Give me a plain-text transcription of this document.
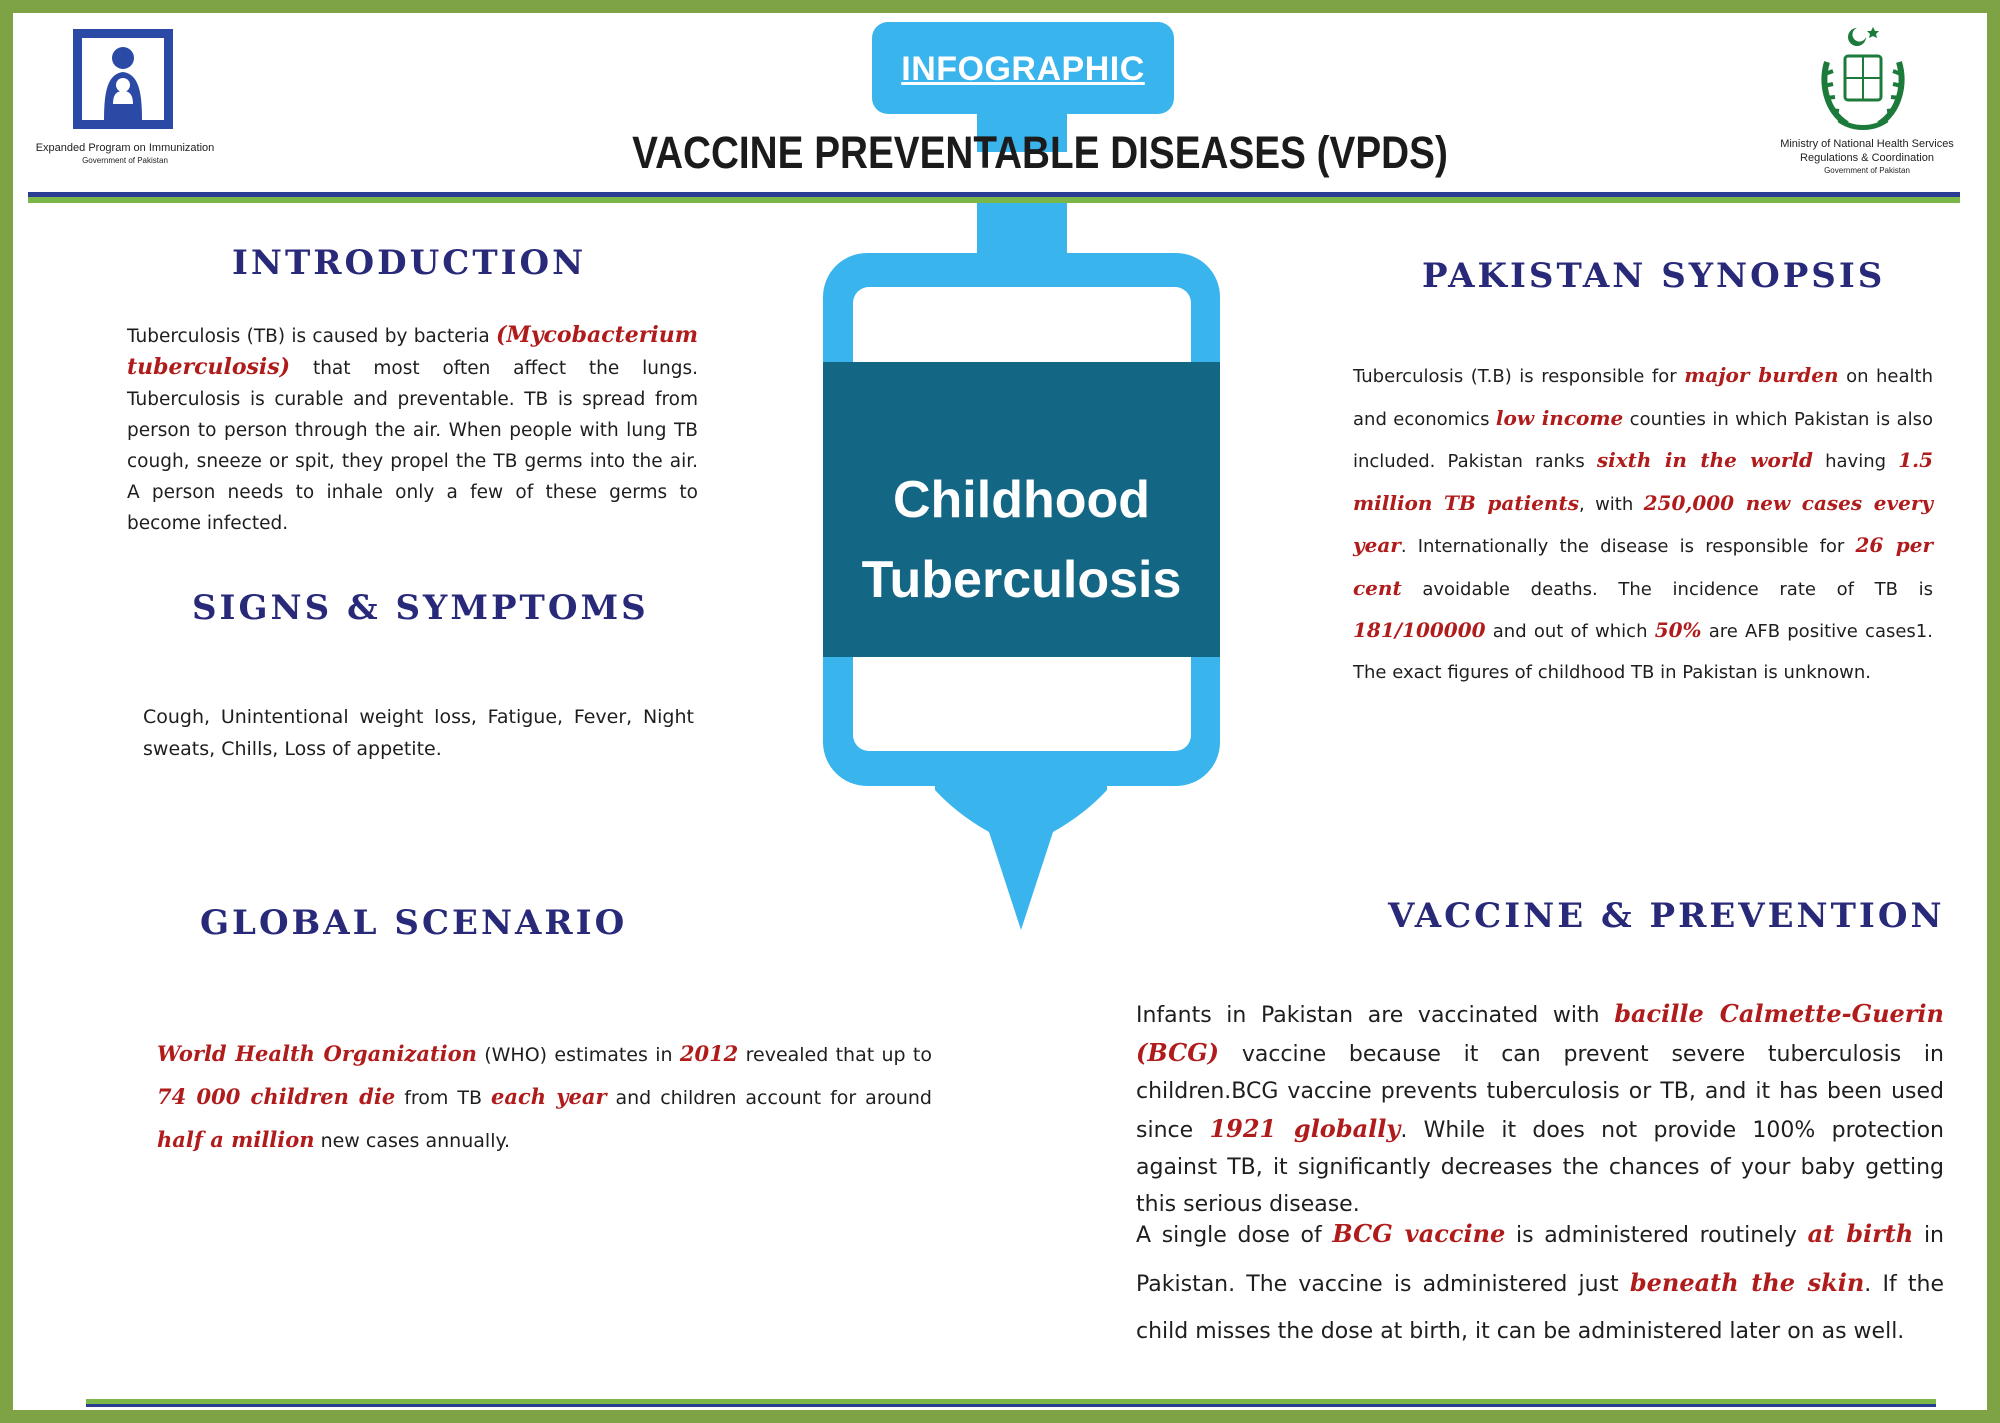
Expanded Program on Immunization
Government of Pakistan
Ministry of National Health Services
Regulations & Coordination
Government of Pakistan
Childhood
Tuberculosis
INFOGRAPHIC
VACCINE PREVENTABLE DISEASES (VPDS)
INTRODUCTION
Tuberculosis (TB) is caused by bacteria (Mycobacterium tuberculosis) that most often affect the lungs. Tuberculosis is curable and preventable. TB is spread from person to person through the air. When people with lung TB cough, sneeze or spit, they propel the TB germs into the air. A person needs to inhale only a few of these germs to become infected.
SIGNS & SYMPTOMS
Cough, Unintentional weight loss, Fatigue, Fever, Night sweats, Chills, Loss of appetite.
GLOBAL SCENARIO
World Health Organization (WHO) estimates in 2012 revealed that up to 74 000 children die from TB each year and children account for around half a million new cases annually.
PAKISTAN SYNOPSIS
Tuberculosis (T.B) is responsible for major burden on health and economics low income counties in which Pakistan is also included. Pakistan ranks sixth in the world having 1.5 million TB patients, with 250,000 new cases every year. Internationally the disease is responsible for 26 per cent avoidable deaths. The incidence rate of TB is 181/100000 and out of which 50% are AFB positive cases1. The exact figures of childhood TB in Pakistan is unknown.
VACCINE & PREVENTION
Infants in Pakistan are vaccinated with bacille Calmette-Guerin (BCG) vaccine because it can prevent severe tuberculosis in children.BCG vaccine prevents tuberculosis or TB, and it has been used since 1921 globally. While it does not provide 100% protection against TB, it significantly decreases the chances of your baby getting this serious disease.
A single dose of BCG vaccine is administered routinely at birth in Pakistan. The vaccine is administered just beneath the skin. If the child misses the dose at birth, it can be administered later on as well.
